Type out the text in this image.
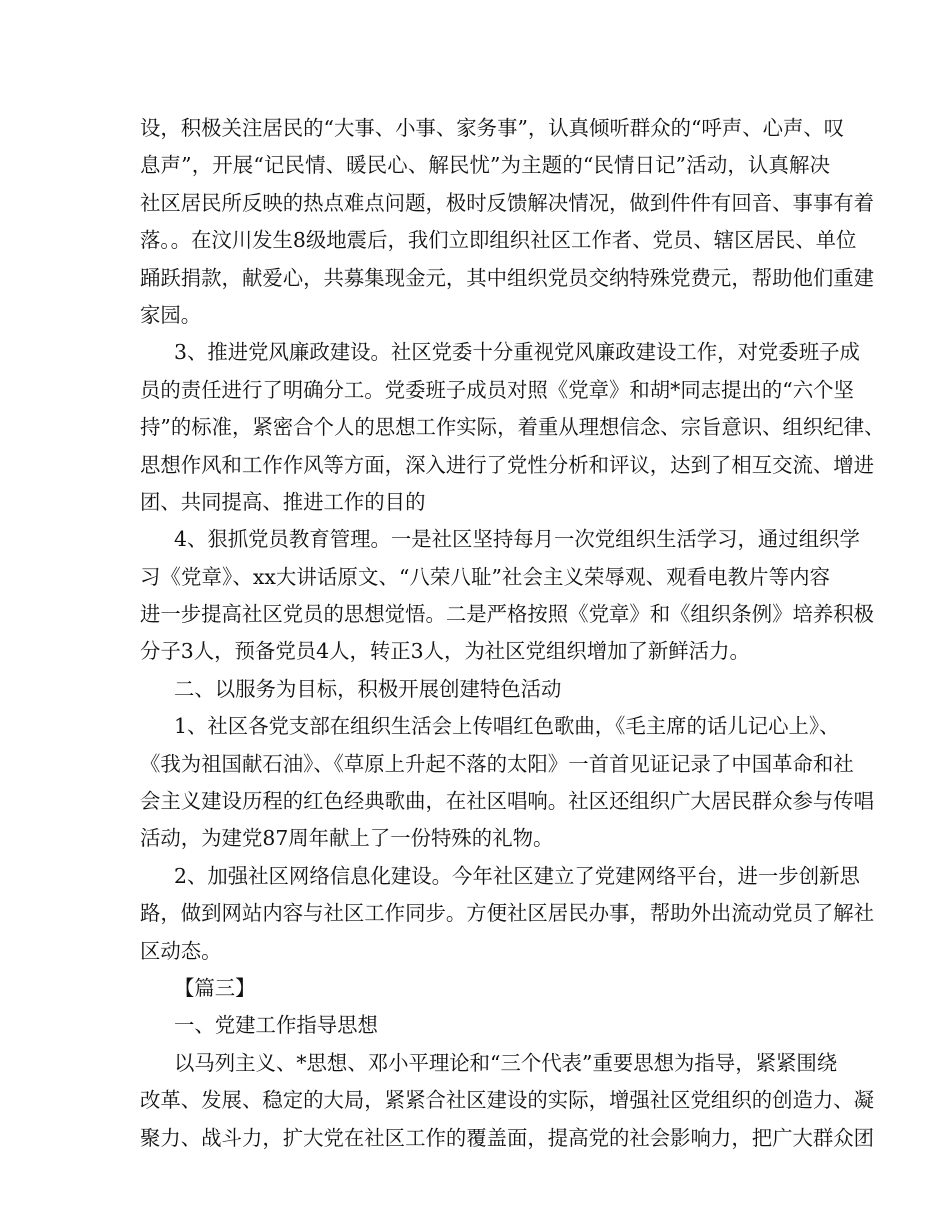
设，积极关注居民的“大事、小事、家务事”，认真倾听群众的“呼声、心声、叹
息声”，开展“记民情、暖民心、解民忧”为主题的“民情日记”活动，认真解决
社区居民所反映的热点难点问题，极时反馈解决情况，做到件件有回音、事事有着
落。。在汶川发生8级地震后，我们立即组织社区工作者、党员、辖区居民、单位
踊跃捐款，献爱心，共募集现金元，其中组织党员交纳特殊党费元，帮助他们重建
家园。
3、推进党风廉政建设。社区党委十分重视党风廉政建设工作，对党委班子成
员的责任进行了明确分工。党委班子成员对照《党章》和胡*同志提出的“六个坚
持”的标准，紧密合个人的思想工作实际，着重从理想信念、宗旨意识、组织纪律、
思想作风和工作作风等方面，深入进行了党性分析和评议，达到了相互交流、增进
团、共同提高、推进工作的目的
4、狠抓党员教育管理。一是社区坚持每月一次党组织生活学习，通过组织学
习《党章》、xx大讲话原文、“八荣八耻”社会主义荣辱观、观看电教片等内容
进一步提高社区党员的思想觉悟。二是严格按照《党章》和《组织条例》培养积极
分子3人，预备党员4人，转正3人，为社区党组织增加了新鲜活力。
二、以服务为目标，积极开展创建特色活动
1、社区各党支部在组织生活会上传唱红色歌曲，《毛主席的话儿记心上》、
《我为祖国献石油》、《草原上升起不落的太阳》一首首见证记录了中国革命和社
会主义建设历程的红色经典歌曲，在社区唱响。社区还组织广大居民群众参与传唱
活动，为建党87周年献上了一份特殊的礼物。
2、加强社区网络信息化建设。今年社区建立了党建网络平台，进一步创新思
路，做到网站内容与社区工作同步。方便社区居民办事，帮助外出流动党员了解社
区动态。
【篇三】
一、党建工作指导思想
以马列主义、*思想、邓小平理论和“三个代表”重要思想为指导，紧紧围绕
改革、发展、稳定的大局，紧紧合社区建设的实际，增强社区党组织的创造力、凝
聚力、战斗力，扩大党在社区工作的覆盖面，提高党的社会影响力，把广大群众团
